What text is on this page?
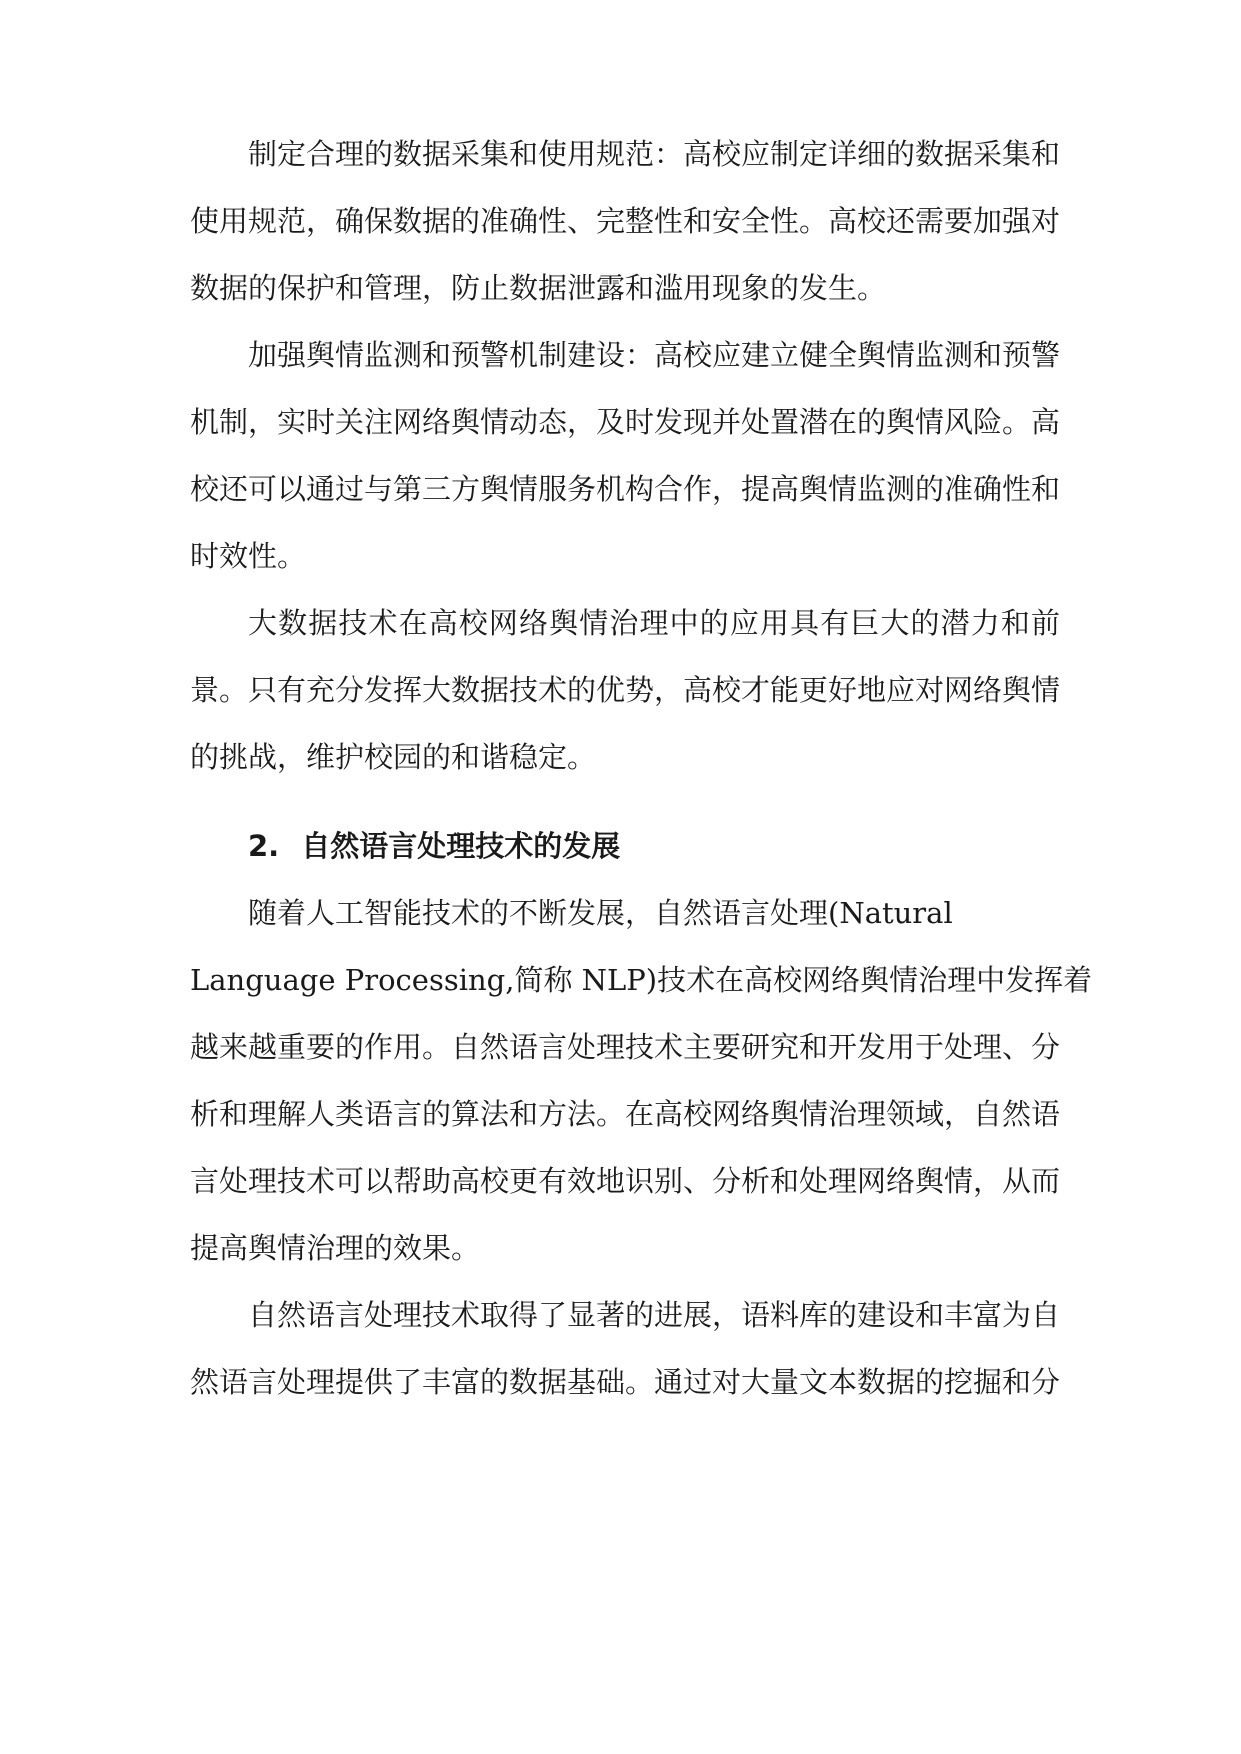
制定合理的数据采集和使用规范：高校应制定详细的数据采集和
使用规范，确保数据的准确性、完整性和安全性。高校还需要加强对
数据的保护和管理，防止数据泄露和滥用现象的发生。
加强舆情监测和预警机制建设：高校应建立健全舆情监测和预警
机制，实时关注网络舆情动态，及时发现并处置潜在的舆情风险。高
校还可以通过与第三方舆情服务机构合作，提高舆情监测的准确性和
时效性。
大数据技术在高校网络舆情治理中的应用具有巨大的潜力和前
景。只有充分发挥大数据技术的优势，高校才能更好地应对网络舆情
的挑战，维护校园的和谐稳定。
2. 自然语言处理技术的发展
随着人工智能技术的不断发展，自然语言处理(Natural
Language Processing,简称 NLP)技术在高校网络舆情治理中发挥着
越来越重要的作用。自然语言处理技术主要研究和开发用于处理、分
析和理解人类语言的算法和方法。在高校网络舆情治理领域，自然语
言处理技术可以帮助高校更有效地识别、分析和处理网络舆情，从而
提高舆情治理的效果。
自然语言处理技术取得了显著的进展，语料库的建设和丰富为自
然语言处理提供了丰富的数据基础。通过对大量文本数据的挖掘和分
